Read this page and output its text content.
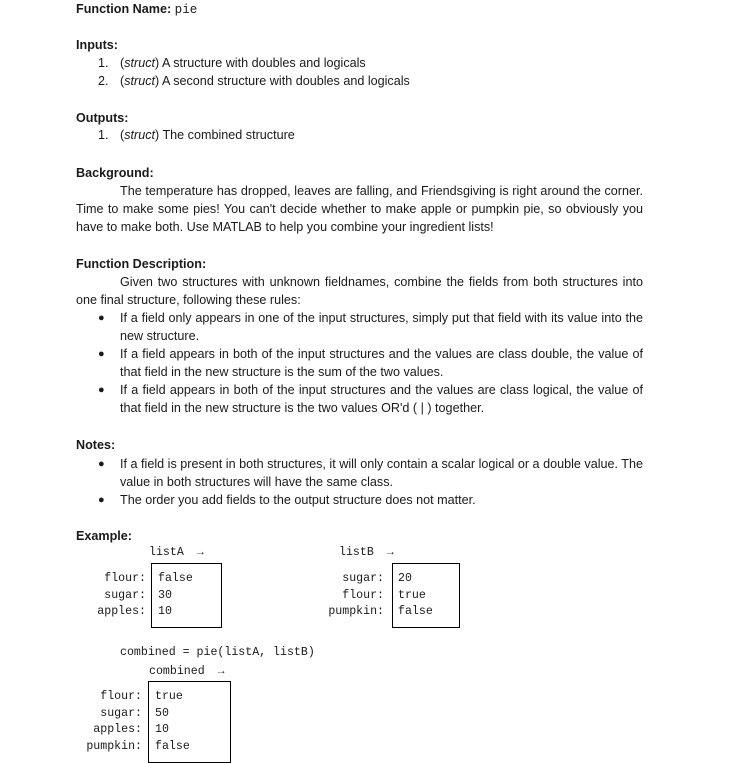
Function Name: pie
Inputs:
1. (struct) A structure with doubles and logicals
2. (struct) A second structure with doubles and logicals
Outputs:
1. (struct) The combined structure
Background:
The temperature has dropped, leaves are falling, and Friendsgiving is right around the corner. Time to make some pies! You can't decide whether to make apple or pumpkin pie, so obviously you have to make both. Use MATLAB to help you combine your ingredient lists!
Function Description:
Given two structures with unknown fieldnames, combine the fields from both structures into one final structure, following these rules:
● If a field only appears in one of the input structures, simply put that field with its value into the new structure.
● If a field appears in both of the input structures and the values are class double, the value of that field in the new structure is the sum of the two values.
● If a field appears in both of the input structures and the values are class logical, the value of that field in the new structure is the two values OR'd ( | ) together.
Notes:
● If a field is present in both structures, it will only contain a scalar logical or a double value. The value in both structures will have the same class.
● The order you add fields to the output structure does not matter.
Example:
listA →
flour:
sugar:
apples:
false
30
10
listB →
sugar:
flour:
pumpkin:
20
true
false
combined = pie(listA, listB)
combined →
flour:
sugar:
apples:
pumpkin:
true
50
10
false
